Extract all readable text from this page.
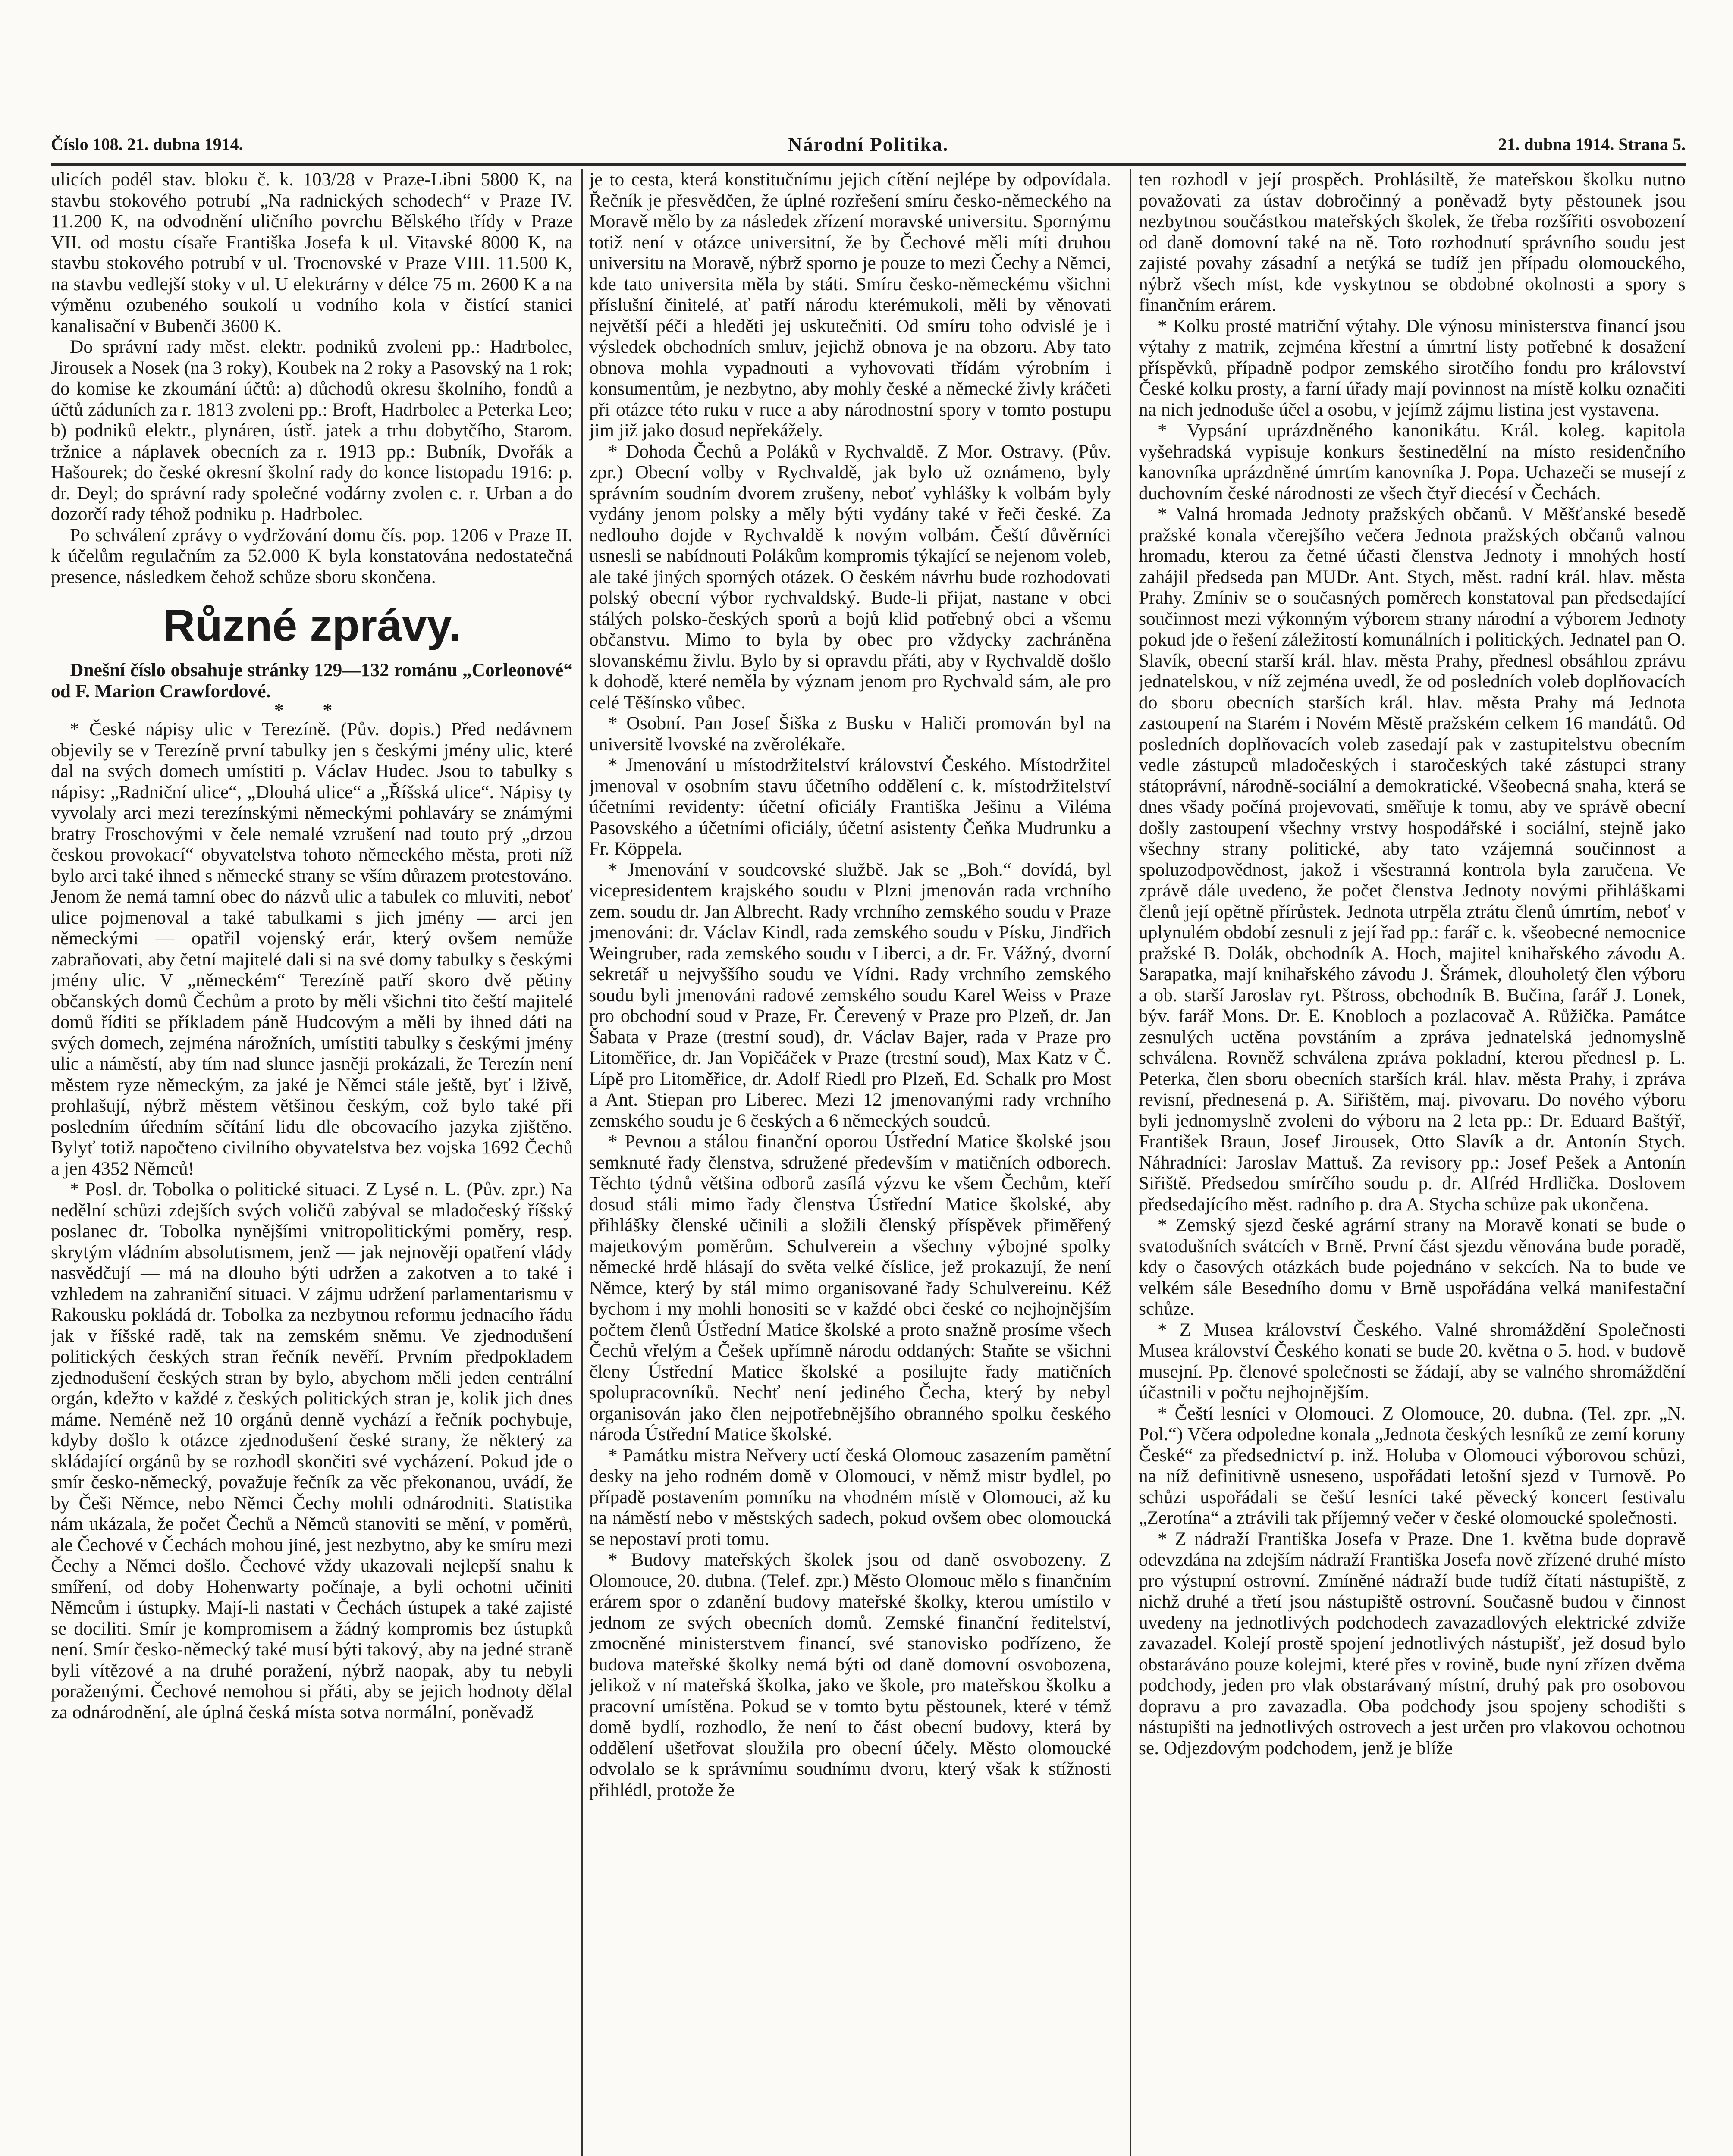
Číslo 108. 21. dubna 1914.	Národní Politika.	21. dubna 1914. Strana 5.

ulicích podél stav. bloku č. k. 103/28 v Praze-Libni 5800 K, na stavbu stokového potrubí „Na radnických schodech“ v Praze IV. 11.200 K, na odvodnění uličního povrchu Bělského třídy v Praze VII. od mostu císaře Františka Josefa k ul. Vitavské 8000 K, na stavbu stokového potrubí v ul. Trocnovské v Praze VIII. 11.500 K, na stavbu vedlejší stoky v ul. U elektrárny v délce 75 m. 2600 K a na výměnu ozubeného soukolí u vodního kola v čistící stanici kanalisační v Bubenči 3600 K.

Do správní rady měst. elektr. podniků zvoleni pp.: Hadrbolec, Jirousek a Nosek (na 3 roky), Koubek na 2 roky a Pasovský na 1 rok; do komise ke zkoumání účtů: a) důchodů okresu školního, fondů a účtů záduních za r. 1813 zvoleni pp.: Broft, Hadrbolec a Peterka Leo; b) podniků elektr., plynáren, ústř. jatek a trhu dobytčího, Starom. tržnice a náplavek obecních za r. 1913 pp.: Bubník, Dvořák a Hašourek; do české okresní školní rady do konce listopadu 1916: p. dr. Deyl; do správní rady společné vodárny zvolen c. r. Urban a do dozorčí rady téhož podniku p. Hadrbolec.

Po schválení zprávy o vydržování domu čís. pop. 1206 v Praze II. k účelům regulačním za 52.000 K byla konstatována nedostatečná presence, následkem čehož schůze sboru skončena.

Různé zprávy.

Dnešní číslo obsahuje stránky 129—132 románu „Corleonové“ od F. Marion Crawfordové.

* *

* České nápisy ulic v Terezíně. (Pův. dopis.) Před nedávnem objevily se v Terezíně první tabulky jen s českými jmény ulic, které dal na svých domech umístiti p. Václav Hudec. Jsou to tabulky s nápisy: „Radniční ulice“, „Dlouhá ulice“ a „Říšská ulice“. Nápisy ty vyvolaly arci mezi terezínskými německými pohlaváry se známými bratry Froschovými v čele nemalé vzrušení nad touto prý „drzou českou provokací“ obyvatelstva tohoto německého města, proti níž bylo arci také ihned s německé strany se vším důrazem protestováno. Jenom že nemá tamní obec do názvů ulic a tabulek co mluviti, neboť ulice pojmenoval a také tabulkami s jich jmény — arci jen německými — opatřil vojenský erár, který ovšem nemůže zabraňovati, aby četní majitelé dali si na své domy tabulky s českými jmény ulic. V „německém“ Terezíně patří skoro dvě pětiny občanských domů Čechům a proto by měli všichni tito čeští majitelé domů říditi se příkladem páně Hudcovým a měli by ihned dáti na svých domech, zejména nárožních, umístiti tabulky s českými jmény ulic a náměstí, aby tím nad slunce jasněji prokázali, že Terezín není městem ryze německým, za jaké je Němci stále ještě, byť i lživě, prohlašují, nýbrž městem většinou českým, což bylo také při posledním úředním sčítání lidu dle obcovacího jazyka zjištěno. Bylyť totiž napočteno civilního obyvatelstva bez vojska 1692 Čechů a jen 4352 Němců!

* Posl. dr. Tobolka o politické situaci. Z Lysé n. L. (Pův. zpr.) Na nedělní schůzi zdejších svých voličů zabýval se mladočeský říšský poslanec dr. Tobolka nynějšími vnitropolitickými poměry, resp. skrytým vládním absolutismem, jenž — jak nejnověji opatření vlády nasvědčují — má na dlouho býti udržen a zakotven a to také i vzhledem na zahraniční situaci. V zájmu udržení parlamentarismu v Rakousku pokládá dr. Tobolka za nezbytnou reformu jednacího řádu jak v říšské radě, tak na zemském sněmu. Ve zjednodušení politických českých stran řečník nevěří. Prvním předpokladem zjednodušení českých stran by bylo, abychom měli jeden centrální orgán, kdežto v každé z českých politických stran je, kolik jich dnes máme. Neméně než 10 orgánů denně vychází a řečník pochybuje, kdyby došlo k otázce zjednodušení české strany, že některý za skládající orgánů by se rozhodl skončiti své vycházení. Pokud jde o smír česko-německý, považuje řečník za věc překonanou, uvádí, že by Češi Němce, nebo Němci Čechy mohli odnárodniti. Statistika nám ukázala, že počet Čechů a Němců stanoviti se mění, v poměrů, ale Čechové v Čechách mohou jiné, jest nezbytno, aby ke smíru mezi Čechy a Němci došlo. Čechové vždy ukazovali nejlepší snahu k smíření, od doby Hohenwarty počínaje, a byli ochotni učiniti Němcům i ústupky. Mají-li nastati v Čechách ústupek a také zajisté se dociliti. Smír je kompromisem a žádný kompromis bez ústupků není. Smír česko-německý také musí býti takový, aby na jedné straně byli vítězové a na druhé poražení, nýbrž naopak, aby tu nebyli poraženými. Čechové nemohou si přáti, aby se jejich hodnoty dělal za odnárodnění, ale úplná česká místa sotva normální, poněvadž

je to cesta, která konstitučnímu jejich cítění nejlépe by odpovídala. Řečník je přesvědčen, že úplné rozřešení smíru česko-německého na Moravě mělo by za následek zřízení moravské universitu. Spornýmu totiž není v otázce universitní, že by Čechové měli míti druhou universitu na Moravě, nýbrž sporno je pouze to mezi Čechy a Němci, kde tato universita měla by státi. Smíru česko-německému všichni příslušní činitelé, ať patří národu kterémukoli, měli by věnovati největší péči a hleděti jej uskutečniti. Od smíru toho odvislé je i výsledek obchodních smluv, jejichž obnova je na obzoru. Aby tato obnova mohla vypadnouti a vyhovovati třídám výrobním i konsumentům, je nezbytno, aby mohly české a německé živly kráčeti při otázce této ruku v ruce a aby národnostní spory v tomto postupu jim již jako dosud nepřekážely.

* Dohoda Čechů a Poláků v Rychvaldě. Z Mor. Ostravy. (Pův. zpr.) Obecní volby v Rychvaldě, jak bylo už oznámeno, byly správním soudním dvorem zrušeny, neboť vyhlášky k volbám byly vydány jenom polsky a měly býti vydány také v řeči české. Za nedlouho dojde v Rychvaldě k novým volbám. Čeští důvěrníci usnesli se nabídnouti Polákům kompromis týkající se nejenom voleb, ale také jiných sporných otázek. O českém návrhu bude rozhodovati polský obecní výbor rychvaldský. Bude-li přijat, nastane v obci stálých polsko-českých sporů a bojů klid potřebný obci a všemu občanstvu. Mimo to byla by obec pro vždycky zachráněna slovanskému živlu. Bylo by si opravdu přáti, aby v Rychvaldě došlo k dohodě, které neměla by význam jenom pro Rychvald sám, ale pro celé Těšínsko vůbec.

* Osobní. Pan Josef Šiška z Busku v Haliči promován byl na universitě lvovské na zvěrolékaře.

* Jmenování u místodržitelství království Českého. Místodržitel jmenoval v osobním stavu účetního oddělení c. k. místodržitelství účetními revidenty: účetní oficiály Františka Ješinu a Viléma Pasovského a účetními oficiály, účetní asistenty Čeňka Mudrunku a Fr. Köppela.

* Jmenování v soudcovské službě. Jak se „Boh.“ dovídá, byl vicepresidentem krajského soudu v Plzni jmenován rada vrchního zem. soudu dr. Jan Albrecht. Rady vrchního zemského soudu v Praze jmenováni: dr. Václav Kindl, rada zemského soudu v Písku, Jindřich Weingruber, rada zemského soudu v Liberci, a dr. Fr. Vážný, dvorní sekretář u nejvyššího soudu ve Vídni. Rady vrchního zemského soudu byli jmenováni radové zemského soudu Karel Weiss v Praze pro obchodní soud v Praze, Fr. Čerevený v Praze pro Plzeň, dr. Jan Šabata v Praze (trestní soud), dr. Václav Bajer, rada v Praze pro Litoměřice, dr. Jan Vopičáček v Praze (trestní soud), Max Katz v Č. Lípě pro Litoměřice, dr. Adolf Riedl pro Plzeň, Ed. Schalk pro Most a Ant. Stiepan pro Liberec. Mezi 12 jmenovanými rady vrchního zemského soudu je 6 českých a 6 německých soudců.

* Pevnou a stálou finanční oporou Ústřední Matice školské jsou semknuté řady členstva, sdružené především v matičních odborech. Těchto týdnů většina odborů zasílá výzvu ke všem Čechům, kteří dosud stáli mimo řady členstva Ústřední Matice školské, aby přihlášky členské učinili a složili členský příspěvek přiměřený majetkovým poměrům. Schulverein a všechny výbojné spolky německé hrdě hlásají do světa velké číslice, jež prokazují, že není Němce, který by stál mimo organisované řady Schulvereinu. Kéž bychom i my mohli honositi se v každé obci české co nejhojnějším počtem členů Ústřední Matice školské a proto snažně prosíme všech Čechů vřelým a Češek upřímně národu oddaných: Staňte se všichni členy Ústřední Matice školské a posilujte řady matičních spolupracovníků. Nechť není jediného Čecha, který by nebyl organisován jako člen nejpotřebnějšího obranného spolku českého národa Ústřední Matice školské.

* Památku mistra Neřvery uctí česká Olomouc zasazením pamětní desky na jeho rodném domě v Olomouci, v němž mistr bydlel, po případě postavením pomníku na vhodném místě v Olomouci, až ku na náměstí nebo v městských sadech, pokud ovšem obec olomoucká se nepostaví proti tomu.

* Budovy mateřských školek jsou od daně osvobozeny. Z Olomouce, 20. dubna. (Telef. zpr.) Město Olomouc mělo s finančním erárem spor o zdanění budovy mateřské školky, kterou umístilo v jednom ze svých obecních domů. Zemské finanční ředitelství, zmocněné ministerstvem financí, své stanovisko podřízeno, že budova mateřské školky nemá býti od daně domovní osvobozena, jelikož v ní mateřská školka, jako ve škole, pro mateřskou školku a pracovní umístěna. Pokud se v tomto bytu pěstounek, které v témž domě bydlí, rozhodlo, že není to část obecní budovy, která by oddělení ušetřovat sloužila pro obecní účely. Město olomoucké odvolalo se k správnímu soudnímu dvoru, který však k stížnosti přihlédl, protože že

ten rozhodl v její prospěch. Prohlásiltě, že mateřskou školku nutno považovati za ústav dobročinný a poněvadž byty pěstounek jsou nezbytnou součástkou mateřských školek, že třeba rozšířiti osvobození od daně domovní také na ně. Toto rozhodnutí správního soudu jest zajisté povahy zásadní a netýká se tudíž jen případu olomouckého, nýbrž všech míst, kde vyskytnou se obdobné okolnosti a spory s finančním erárem.

* Kolku prosté matriční výtahy. Dle výnosu ministerstva financí jsou výtahy z matrik, zejména křestní a úmrtní listy potřebné k dosažení příspěvků, případně podpor zemského sirotčího fondu pro království České kolku prosty, a farní úřady mají povinnost na místě kolku označiti na nich jednoduše účel a osobu, v jejímž zájmu listina jest vystavena.

* Vypsání uprázdněného kanonikátu. Král. koleg. kapitola vyšehradská vypisuje konkurs šestinedělní na místo residenčního kanovníka uprázdněné úmrtím kanovníka J. Popa. Uchazeči se musejí z duchovním české národnosti ze všech čtyř diecésí v Čechách.

* Valná hromada Jednoty pražských občanů. V Měšťanské besedě pražské konala včerejšího večera Jednota pražských občanů valnou hromadu, kterou za četné účasti členstva Jednoty i mnohých hostí zahájil předseda pan MUDr. Ant. Stych, měst. radní král. hlav. města Prahy. Zmíniv se o současných poměrech konstatoval pan předsedající součinnost mezi výkonným výborem strany národní a výborem Jednoty pokud jde o řešení záležitostí komunálních i politických. Jednatel pan O. Slavík, obecní starší král. hlav. města Prahy, přednesl obsáhlou zprávu jednatelskou, v níž zejména uvedl, že od posledních voleb doplňovacích do sboru obecních starších král. hlav. města Prahy má Jednota zastoupení na Starém i Novém Městě pražském celkem 16 mandátů. Od posledních doplňovacích voleb zasedají pak v zastupitelstvu obecním vedle zástupců mladočeských i staročeských také zástupci strany státoprávní, národně-sociální a demokratické. Všeobecná snaha, která se dnes všady počíná projevovati, směřuje k tomu, aby ve správě obecní došly zastoupení všechny vrstvy hospodářské i sociální, stejně jako všechny strany politické, aby tato vzájemná součinnost a spoluzodpovědnost, jakož i všestranná kontrola byla zaručena. Ve zprávě dále uvedeno, že počet členstva Jednoty novými přihláškami členů její opětně přírůstek. Jednota utrpěla ztrátu členů úmrtím, neboť v uplynulém období zesnuli z její řad pp.: farář c. k. všeobecné nemocnice pražské B. Dolák, obchodník A. Hoch, majitel knihařského závodu A. Sarapatka, mají knihařského závodu J. Šrámek, dlouholetý člen výboru a ob. starší Jaroslav ryt. Pštross, obchodník B. Bučina, farář J. Lonek, býv. farář Mons. Dr. E. Knobloch a pozlacovač A. Růžička. Památce zesnulých uctěna povstáním a zpráva jednatelská jednomyslně schválena. Rovněž schválena zpráva pokladní, kterou přednesl p. L. Peterka, člen sboru obecních starších král. hlav. města Prahy, i zpráva revisní, přednesená p. A. Siřištěm, maj. pivovaru. Do nového výboru byli jednomyslně zvoleni do výboru na 2 leta pp.: Dr. Eduard Baštýř, František Braun, Josef Jirousek, Otto Slavík a dr. Antonín Stych. Náhradníci: Jaroslav Mattuš. Za revisory pp.: Josef Pešek a Antonín Siřiště. Předsedou smírčího soudu p. dr. Alfréd Hrdlička. Doslovem předsedajícího měst. radního p. dra A. Stycha schůze pak ukončena.

* Zemský sjezd české agrární strany na Moravě konati se bude o svatodušních svátcích v Brně. První část sjezdu věnována bude poradě, kdy o časových otázkách bude pojednáno v sekcích. Na to bude ve velkém sále Besedního domu v Brně uspořádána velká manifestační schůze.

* Z Musea království Českého. Valné shromáždění Společnosti Musea království Českého konati se bude 20. května o 5. hod. v budově musejní. Pp. členové společnosti se žádají, aby se valného shromáždění účastnili v počtu nejhojnějším.

* Čeští lesníci v Olomouci. Z Olomouce, 20. dubna. (Tel. zpr. „N. Pol.“) Včera odpoledne konala „Jednota českých lesníků ze zemí koruny České“ za předsednictví p. inž. Holuba v Olomouci výborovou schůzi, na níž definitivně usneseno, uspořádati letošní sjezd v Turnově. Po schůzi uspořádali se čeští lesníci také pěvecký koncert festivalu „Zerotína“ a ztrávili tak příjemný večer v české olomoucké společnosti.

* Z nádraží Františka Josefa v Praze. Dne 1. května bude dopravě odevzdána na zdejším nádraží Františka Josefa nově zřízené druhé místo pro výstupní ostrovní. Zmíněné nádraží bude tudíž čítati nástupiště, z nichž druhé a třetí jsou nástupiště ostrovní. Současně budou v činnost uvedeny na jednotlivých podchodech zavazadlových elektrické zdviže zavazadel. Kolejí prostě spojení jednotlivých nástupišť, jež dosud bylo obstaráváno pouze kolejmi, které přes v rovině, bude nyní zřízen dvěma podchody, jeden pro vlak obstarávaný místní, druhý pak pro osobovou dopravu a pro zavazadla. Oba podchody jsou spojeny schodišti s nástupišti na jednotlivých ostrovech a jest určen pro vlakovou ochotnou se. Odjezdovým podchodem, jenž je blíže
